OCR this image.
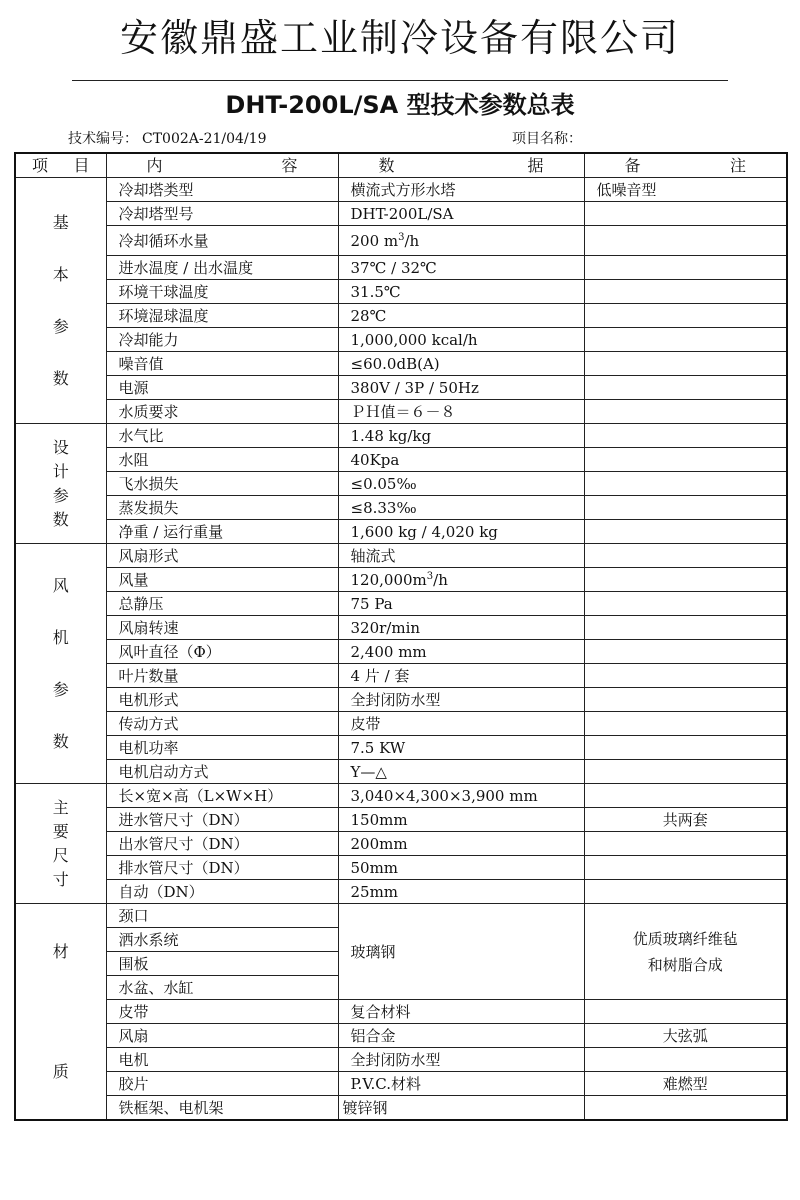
安徽鼎盛工业制冷设备有限公司
DHT-200L/SA 型技术参数总表
技术编号： CT002A-21/04/19	项目名称：
项 目	内 容	数 据	备 注

基
本
参
数	冷却塔类型	横流式方形水塔	低噪音型
	冷却塔型号	DHT-200L/SA	
	冷却循环水量	200 $m^3/h$	
	进水温度 / 出水温度	37℃ / 32℃	
	环境干球温度	31.5℃	
	环境湿球温度	28℃	
	冷却能力	1,000,000 kcal/h	
	噪音值	≤60.0dB(A)	
	电源	380V / 3P / 50Hz	
	水质要求	ＰＨ值＝６－８	
设
计
参
数	水气比	1.48 kg/kg	
	水阻	40Kpa	
	飞水损失	≤0.05‰	
	蒸发损失	≤8.33‰	
	净重 / 运行重量	1,600 kg / 4,020 kg	
风
机
参
数	风扇形式	轴流式	
	风量	$120,000m^3/h$	
	总静压	75 Pa	
	风扇转速	320r/min	
	风叶直径（Φ）	2,400 mm	
	叶片数量	4 片 / 套	
	电机形式	全封闭防水型	
	传动方式	皮带	
	电机功率	7.5 KW	
	电机启动方式	Y—△	
主
要
尺
寸	长×宽×高（L×W×H）	3,040×4,300×3,900 mm	
	进水管尺寸（DN）	150mm	共两套
	出水管尺寸（DN）	200mm	
	排水管尺寸（DN）	50mm	
	自动（DN）	25mm	
材

质	颈口	玻璃钢	优质玻璃纤维毡
和树脂合成
	洒水系统		
	围板		
	水盆、水缸		
	皮带	复合材料	
	风扇	铝合金	大弦弧
	电机	全封闭防水型	
	胶片	P.V.C.材料	难燃型
	铁框架、电机架	镀锌钢	
